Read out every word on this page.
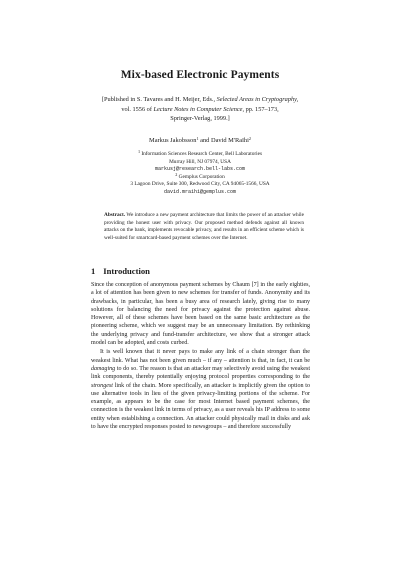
Mix-based Electronic Payments
[Published in S. Tavares and H. Meijer, Eds., Selected Areas in Cryptography,
vol. 1556 of Lecture Notes in Computer Science, pp. 157–173,
Springer-Verlag, 1999.]
Markus Jakobsson$^1$ and David M'Raïhi$^2$
$^1$ Information Sciences Research Center, Bell Laboratories
Murray Hill, NJ 07974, USA
markusj@research.bell-labs.com
$^2$ Gemplus Corporation
3 Lagoon Drive, Suite 300, Redwood City, CA 94065-1566, USA
david.mraihi@gemplus.com
Abstract. We introduce a new payment architecture that limits the power of an attacker while providing the honest user with privacy. Our proposed method defends against all known attacks on the bank, implements revocable privacy, and results in an efficient scheme which is well-suited for smartcard-based payment schemes over the Internet.
1 Introduction

Since the conception of anonymous payment schemes by Chaum [7] in the early eighties, a lot of attention has been given to new schemes for transfer of funds. Anonymity and its drawbacks, in particular, has been a busy area of research lately, giving rise to many solutions for balancing the need for privacy against the protection against abuse. However, all of these schemes have been based on the same basic architecture as the pioneering scheme, which we suggest may be an unnecessary limitation. By rethinking the underlying privacy and fund-transfer architecture, we show that a stronger attack model can be adopted, and costs curbed.

It is well known that it never pays to make any link of a chain stronger than the weakest link. What has not been given much – if any – attention is that, in fact, it can be damaging to do so. The reason is that an attacker may selectively avoid using the weakest link components, thereby potentially enjoying protocol properties corresponding to the strongest link of the chain. More specifically, an attacker is implicitly given the option to use alternative tools in lieu of the given privacy-limiting portions of the scheme. For example, as appears to be the case for most Internet based payment schemes, the connection is the weakest link in terms of privacy, as a user reveals his IP address to some entity when establishing a connection. An attacker could physically mail in disks and ask to have the encrypted responses posted to newsgroups – and therefore successfully
